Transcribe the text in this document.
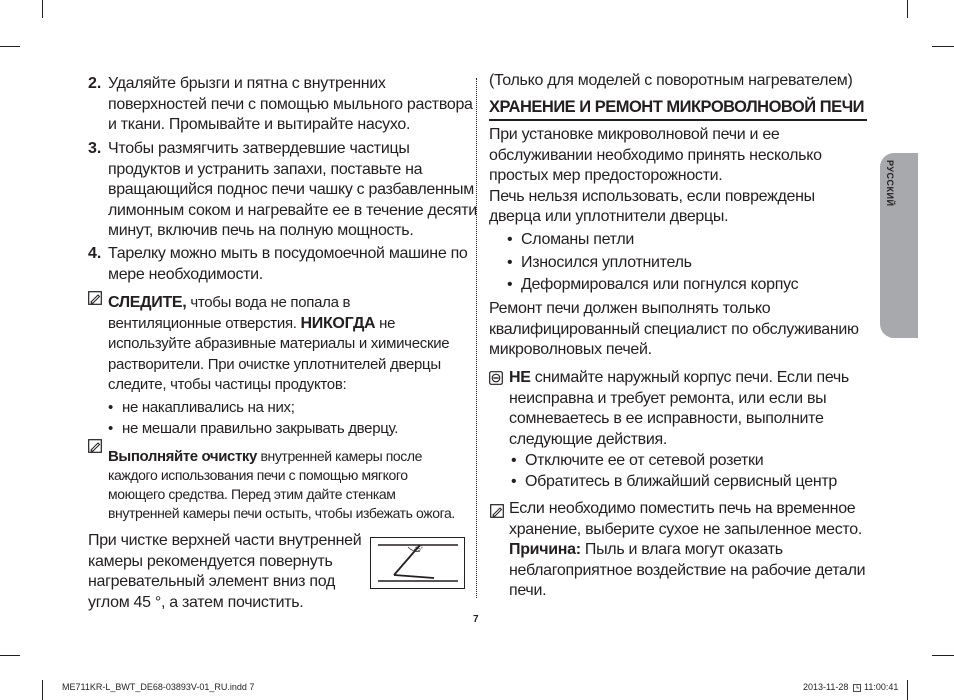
2. Удаляйте брызги и пятна с внутренних
поверхностей печи с помощью мыльного раствора
и ткани. Промывайте и вытирайте насухо.
3. Чтобы размягчить затвердевшие частицы
продуктов и устранить запахи, поставьте на
вращающийся поднос печи чашку с разбавленным
лимонным соком и нагревайте ее в течение десяти
минут, включив печь на полную мощность.
4. Тарелку можно мыть в посудомоечной машине по
мере необходимости.
СЛЕДИТЕ, чтобы вода не попала в
вентиляционные отверстия. НИКОГДА не
используйте абразивные материалы и химические
растворители. При очистке уплотнителей дверцы
следите, чтобы частицы продуктов:
• не накапливались на них;
• не мешали правильно закрывать дверцу.
Выполняйте очистку внутренней камеры после
каждого использования печи с помощью мягкого
моющего средства. Перед этим дайте стенкам
внутренней камеры печи остыть, чтобы избежать ожога.
При чистке верхней части внутренней
камеры рекомендуется повернуть
нагревательный элемент вниз под
углом 45 °, а затем почистить.
45°
(Только для моделей с поворотным нагревателем)
ХРАНЕНИЕ И РЕМОНТ МИКРОВОЛНОВОЙ ПЕЧИ
При установке микроволновой печи и ее
обслуживании необходимо принять несколько
простых мер предосторожности.
Печь нельзя использовать, если повреждены
дверца или уплотнители дверцы.
• Сломаны петли
• Износился уплотнитель
• Деформировался или погнулся корпус
Ремонт печи должен выполнять только
квалифицированный специалист по обслуживанию
микроволновых печей.
НЕ снимайте наружный корпус печи. Если печь
неисправна и требует ремонта, или если вы
сомневаетесь в ее исправности, выполните
следующие действия.
• Отключите ее от сетевой розетки
• Обратитесь в ближайший сервисный центр
Если необходимо поместить печь на временное
хранение, выберите сухое не запыленное место.
Причина: Пыль и влага могут оказать
неблагоприятное воздействие на рабочие детали
печи.
РУССКИЙ
7
ME711KR-L_BWT_DE68-03893V-01_RU.indd 7	2013-11-28 11:00:41
